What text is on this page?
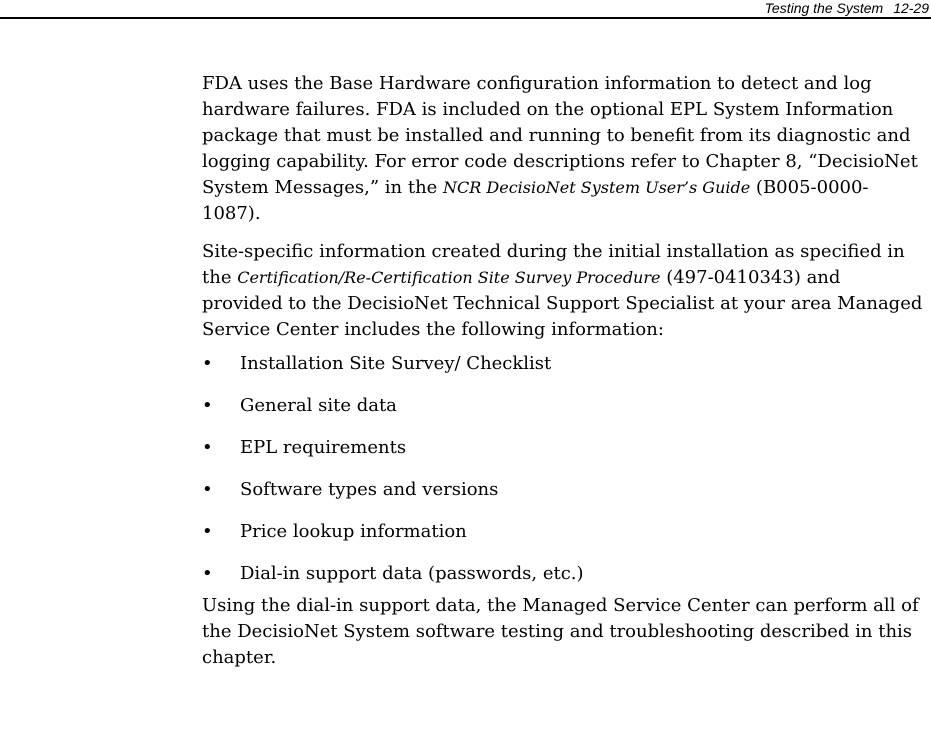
Testing the System 12-29

FDA uses the Base Hardware configuration information to detect and log hardware failures. FDA is included on the optional EPL System Information package that must be installed and running to benefit from its diagnostic and logging capability. For error code descriptions refer to Chapter 8, “DecisioNet System Messages,” in the NCR DecisioNet System User’s Guide (B005-0000-1087).

Site-specific information created during the initial installation as specified in the Certification/Re-Certification Site Survey Procedure (497-0410343) and provided to the DecisioNet Technical Support Specialist at your area Managed Service Center includes the following information:

• Installation Site Survey/ Checklist
• General site data
• EPL requirements
• Software types and versions
• Price lookup information
• Dial-in support data (passwords, etc.)

Using the dial-in support data, the Managed Service Center can perform all of the DecisioNet System software testing and troubleshooting described in this chapter.
